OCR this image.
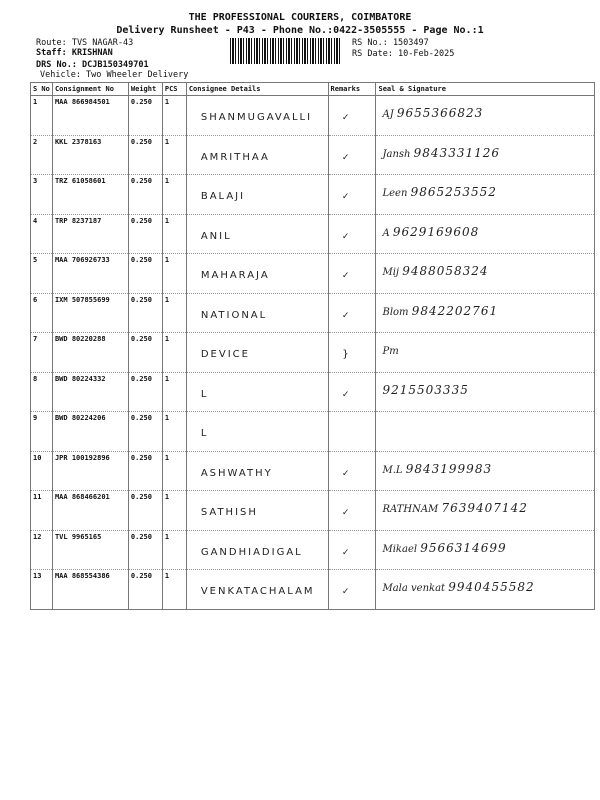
THE PROFESSIONAL COURIERS, COIMBATORE
Delivery Runsheet - P43 - Phone No.:0422-3505555 - Page No.:1
Route: TVS NAGAR-43
Staff: KRISHNAN
DRS No.: DCJB150349701
Vehicle: Two Wheeler Delivery
RS No.: 1503497
RS Date: 10-Feb-2025
S No	Consignment No	Weight	PCS	Consignee Details	Remarks	Seal & Signature
1	MAA 866984501	0.250	1	SHANMUGAVALLI	✓	AJ 9655366823

2	KKL 2378163	0.250	1	AMRITHAA	✓	Jansh 9843331126

3	TRZ 61058601	0.250	1	BALAJI	✓	Leen 9865253552

4	TRP 8237187	0.250	1	ANIL	✓	A 9629169608

5	MAA 706926733	0.250	1	MAHARAJA	✓	Mij 9488058324

6	IXM 507855699	0.250	1	NATIONAL	✓	Blom 9842202761

7	BWD 80220288	0.250	1	DEVICE	}	Pm

8	BWD 80224332	0.250	1	L	✓	9215503335

9	BWD 80224206	0.250	1	L		

10	JPR 100192896	0.250	1	ASHWATHY	✓	M.L 9843199983

11	MAA 868466201	0.250	1	SATHISH	✓	RATHNAM 7639407142

12	TVL 9965165	0.250	1	GANDHIADIGAL	✓	Mikael 9566314699

13	MAA 868554386	0.250	1	VENKATACHALAM	✓	Mala venkat 9940455582
